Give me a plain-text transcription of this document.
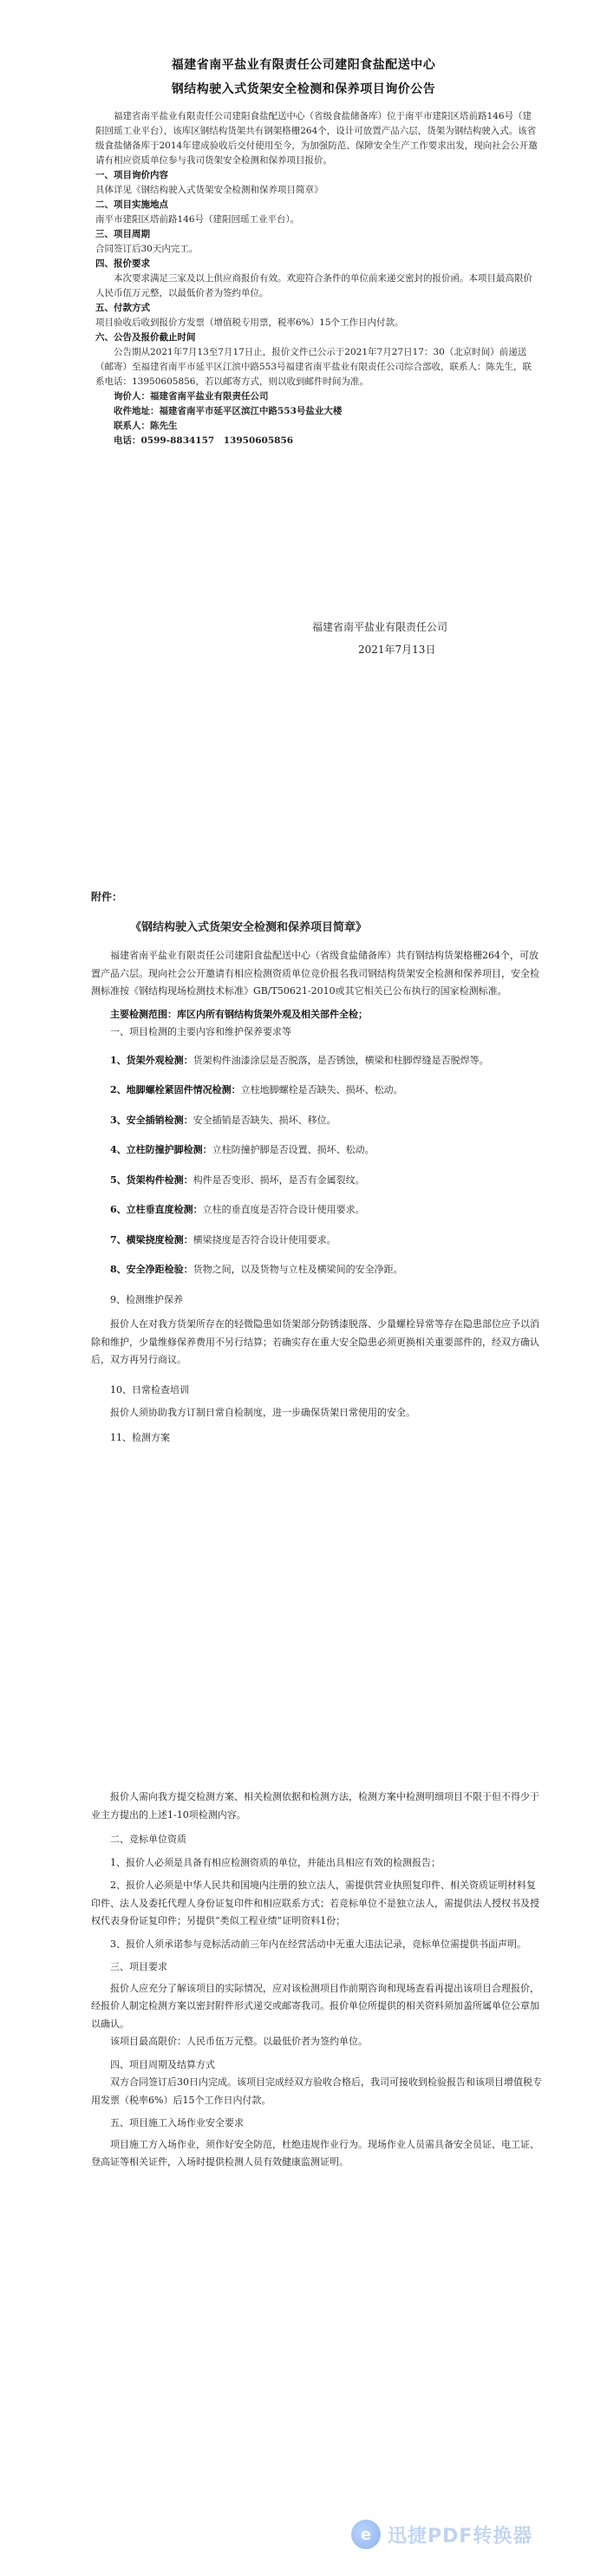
福建省南平盐业有限责任公司建阳食盐配送中心
钢结构驶入式货架安全检测和保养项目询价公告

福建省南平盐业有限责任公司建阳食盐配送中心（省级食盐储备库）位于南平市建阳区塔前路146号（建阳回瑶工业平台），该库区钢结构货架共有钢架格栅264个，设计可放置产品六层，货架为钢结构驶入式。该省级食盐储备库于2014年建成验收后交付使用至今，为加强防范、保障安全生产工作要求出发，现向社会公开邀请有相应资质单位参与我司货架安全检测和保养项目报价。

一、项目询价内容

具体详见《钢结构驶入式货架安全检测和保养项目简章》

二、项目实施地点

南平市建阳区塔前路146号（建阳回瑶工业平台）。

三、项目周期

合同签订后30天内完工。

四、报价要求

本次要求满足三家及以上供应商报价有效。欢迎符合条件的单位前来递交密封的报价函。本项目最高限价人民币伍万元整，以最低价者为签约单位。

五、付款方式

项目验收后收到报价方发票（增值税专用票，税率6%）15个工作日内付款。

六、公告及报价截止时间

公告期从2021年7月13至7月17日止，报价文件已公示于2021年7月27日17：30（北京时间）前递送（邮寄）至福建省南平市延平区江滨中路553号福建省南平盐业有限责任公司综合部收，联系人：陈先生，联系电话：13950605856，若以邮寄方式，则以收到邮件时间为准。

询价人：福建省南平盐业有限责任公司

收件地址：福建省南平市延平区滨江中路553号盐业大楼

联系人：陈先生

电话：0599-8834157　13950605856

福建省南平盐业有限责任公司
2021年7月13日
附件：
《钢结构驶入式货架安全检测和保养项目简章》

福建省南平盐业有限责任公司建阳食盐配送中心（省级食盐储备库）共有钢结构货架格栅264个，可放置产品六层。现向社会公开邀请有相应检测资质单位竞价报名我司钢结构货架安全检测和保养项目，安全检测标准按《钢结构现场检测技术标准》GB/T50621-2010或其它相关已公布执行的国家检测标准。

主要检测范围：库区内所有钢结构货架外观及相关部件全检；

一、项目检测的主要内容和维护保养要求等

1、货架外观检测：货架构件油漆涂层是否脱落，是否锈蚀，横梁和柱脚焊缝是否脱焊等。

2、地脚螺栓紧固件情况检测：立柱地脚螺栓是否缺失、损坏、松动。

3、安全插销检测：安全插销是否缺失、损坏、移位。

4、立柱防撞护脚检测：立柱防撞护脚是否设置、损坏、松动。

5、货架构件检测：构件是否变形、损坏，是否有金属裂纹。

6、立柱垂直度检测：立柱的垂直度是否符合设计使用要求。

7、横梁挠度检测：横梁挠度是否符合设计使用要求。

8、安全净距检验：货物之间，以及货物与立柱及横梁间的安全净距。

9、检测维护保养

报价人在对我方货架所存在的轻微隐患如货架部分防锈漆脱落、少量螺栓异常等存在隐患部位应予以消除和维护，少量维修保养费用不另行结算；若确实存在重大安全隐患必须更换相关重要部件的，经双方确认后，双方再另行商议。

10、日常检查培训

报价人须协助我方订制日常自检制度，进一步确保货架日常使用的安全。

11、检测方案

报价人需向我方提交检测方案、相关检测依据和检测方法，检测方案中检测明细项目不限于但不得少于业主方提出的上述1-10项检测内容。

二、竞标单位资质

1、报价人必须是具备有相应检测资质的单位，并能出具相应有效的检测报告；

2、报价人必须是中华人民共和国境内注册的独立法人，需提供营业执照复印件、相关资质证明材料复印件、法人及委托代理人身份证复印件和相应联系方式；若竞标单位不是独立法人，需提供法人授权书及授权代表身份证复印件；另提供“类似工程业绩”证明资料1份；

3、报价人须承诺参与竞标活动前三年内在经营活动中无重大违法记录，竞标单位需提供书面声明。

三、项目要求

报价人应充分了解该项目的实际情况，应对该检测项目作前期咨询和现场查看再提出该项目合理报价，经报价人制定检测方案以密封附件形式递交或邮寄我司。报价单位所提供的相关资料须加盖所属单位公章加以确认。

该项目最高限价：人民币伍万元整。以最低价者为签约单位。

四、项目周期及结算方式

双方合同签订后30日内完成。该项目完成经双方验收合格后，我司可接收到检验报告和该项目增值税专用发票（税率6%）后15个工作日内付款。

五、项目施工入场作业安全要求

项目施工方入场作业，须作好安全防范，杜绝违规作业行为。现场作业人员需具备安全员证、电工证、登高证等相关证件，入场时提供检测人员有效健康监测证明。

e 迅捷PDF转换器
